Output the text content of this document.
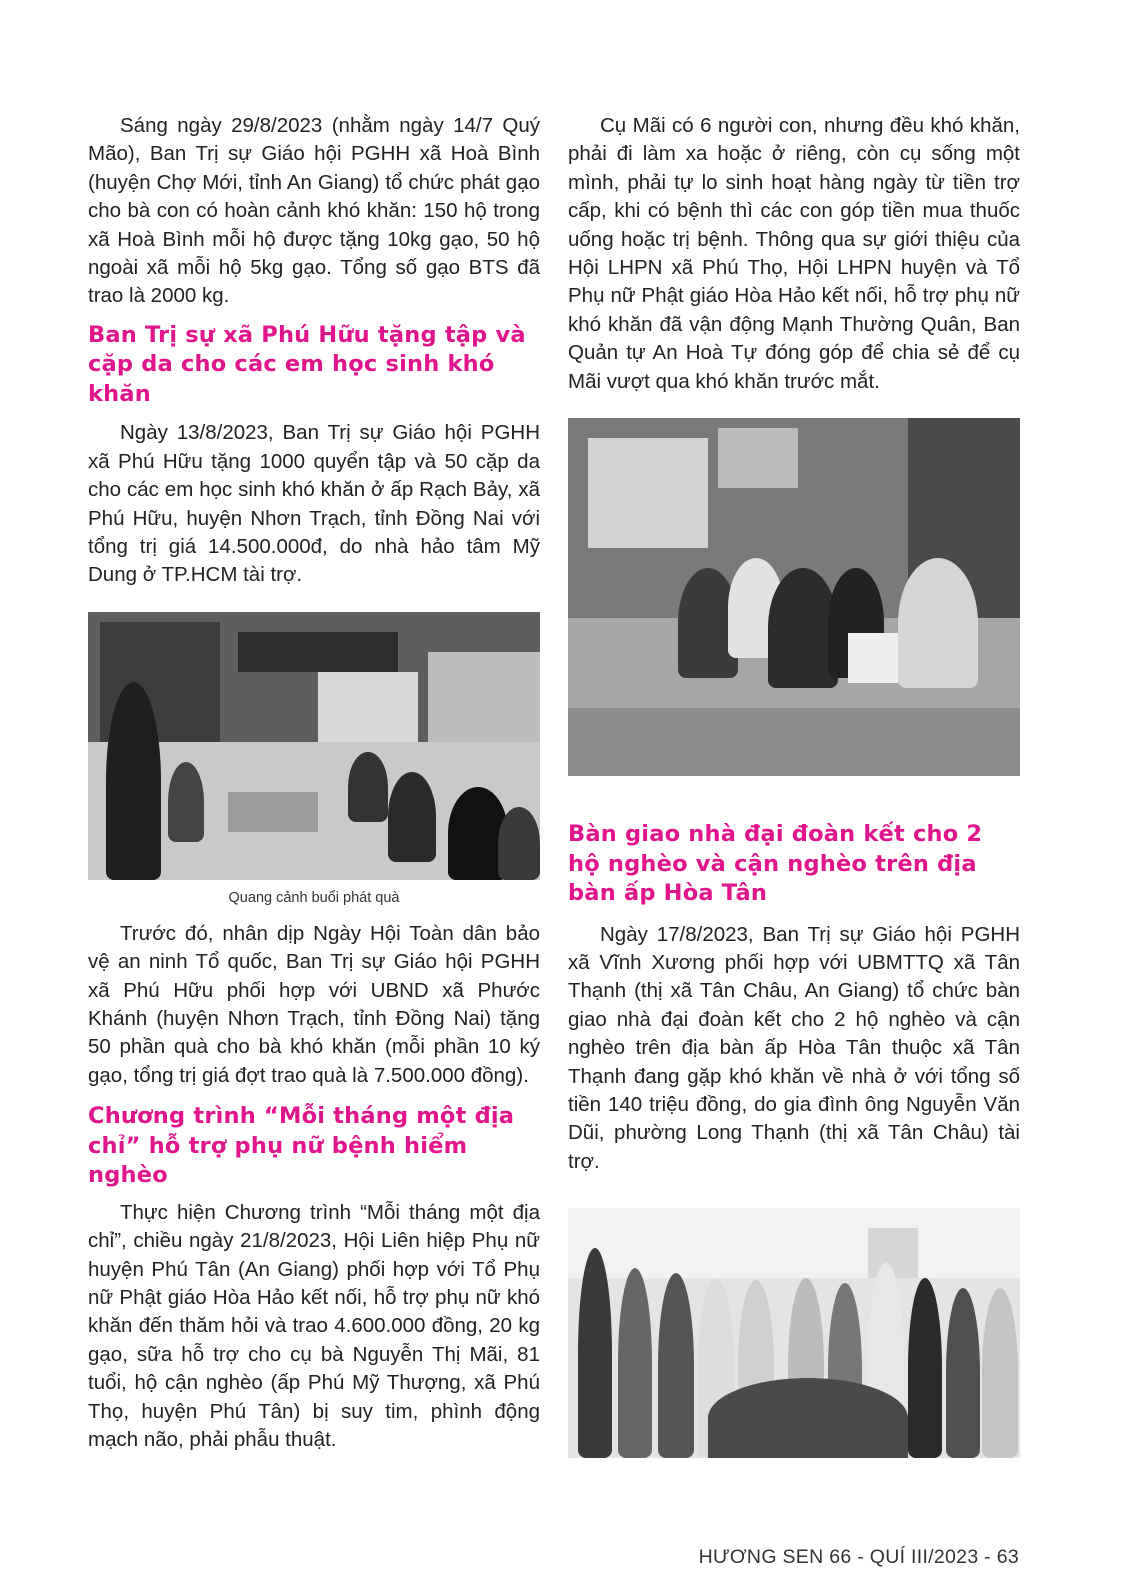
Sáng ngày 29/8/2023 (nhằm ngày 14/7 Quý Mão), Ban Trị sự Giáo hội PGHH xã Hoà Bình (huyện Chợ Mới, tỉnh An Giang) tổ chức phát gạo cho bà con có hoàn cảnh khó khăn: 150 hộ trong xã Hoà Bình mỗi hộ được tặng 10kg gạo, 50 hộ ngoài xã mỗi hộ 5kg gạo. Tổng số gạo BTS đã trao là 2000 kg.

Ban Trị sự xã Phú Hữu tặng tập và cặp da cho các em học sinh khó khăn

Ngày 13/8/2023, Ban Trị sự Giáo hội PGHH xã Phú Hữu tặng 1000 quyển tập và 50 cặp da cho các em học sinh khó khăn ở ấp Rạch Bảy, xã Phú Hữu, huyện Nhơn Trạch, tỉnh Đồng Nai với tổng trị giá 14.500.000đ, do nhà hảo tâm Mỹ Dung ở TP.HCM tài trợ.

Quang cảnh buổi phát quà

Trước đó, nhân dịp Ngày Hội Toàn dân bảo vệ an ninh Tổ quốc, Ban Trị sự Giáo hội PGHH xã Phú Hữu phối hợp với UBND xã Phước Khánh (huyện Nhơn Trạch, tỉnh Đồng Nai) tặng 50 phần quà cho bà khó khăn (mỗi phần 10 ký gạo, tổng trị giá đợt trao quà là 7.500.000 đồng).

Chương trình “Mỗi tháng một địa chỉ” hỗ trợ phụ nữ bệnh hiểm nghèo

Thực hiện Chương trình “Mỗi tháng một địa chỉ”, chiều ngày 21/8/2023, Hội Liên hiệp Phụ nữ huyện Phú Tân (An Giang) phối hợp với Tổ Phụ nữ Phật giáo Hòa Hảo kết nối, hỗ trợ phụ nữ khó khăn đến thăm hỏi và trao 4.600.000 đồng, 20 kg gạo, sữa hỗ trợ cho cụ bà Nguyễn Thị Mãi, 81 tuổi, hộ cận nghèo (ấp Phú Mỹ Thượng, xã Phú Thọ, huyện Phú Tân) bị suy tim, phình động mạch não, phải phẫu thuật.

Cụ Mãi có 6 người con, nhưng đều khó khăn, phải đi làm xa hoặc ở riêng, còn cụ sống một mình, phải tự lo sinh hoạt hàng ngày từ tiền trợ cấp, khi có bệnh thì các con góp tiền mua thuốc uống hoặc trị bệnh. Thông qua sự giới thiệu của Hội LHPN xã Phú Thọ, Hội LHPN huyện và Tổ Phụ nữ Phật giáo Hòa Hảo kết nối, hỗ trợ phụ nữ khó khăn đã vận động Mạnh Thường Quân, Ban Quản tự An Hoà Tự đóng góp để chia sẻ để cụ Mãi vượt qua khó khăn trước mắt.

Bàn giao nhà đại đoàn kết cho 2 hộ nghèo và cận nghèo trên địa bàn ấp Hòa Tân

Ngày 17/8/2023, Ban Trị sự Giáo hội PGHH xã Vĩnh Xương phối hợp với UBMTTQ xã Tân Thạnh (thị xã Tân Châu, An Giang) tổ chức bàn giao nhà đại đoàn kết cho 2 hộ nghèo và cận nghèo trên địa bàn ấp Hòa Tân thuộc xã Tân Thạnh đang gặp khó khăn về nhà ở với tổng số tiền 140 triệu đồng, do gia đình ông Nguyễn Văn Dũi, phường Long Thạnh (thị xã Tân Châu) tài trợ.

HƯƠNG SEN 66 - QUÍ III/2023 - 63
